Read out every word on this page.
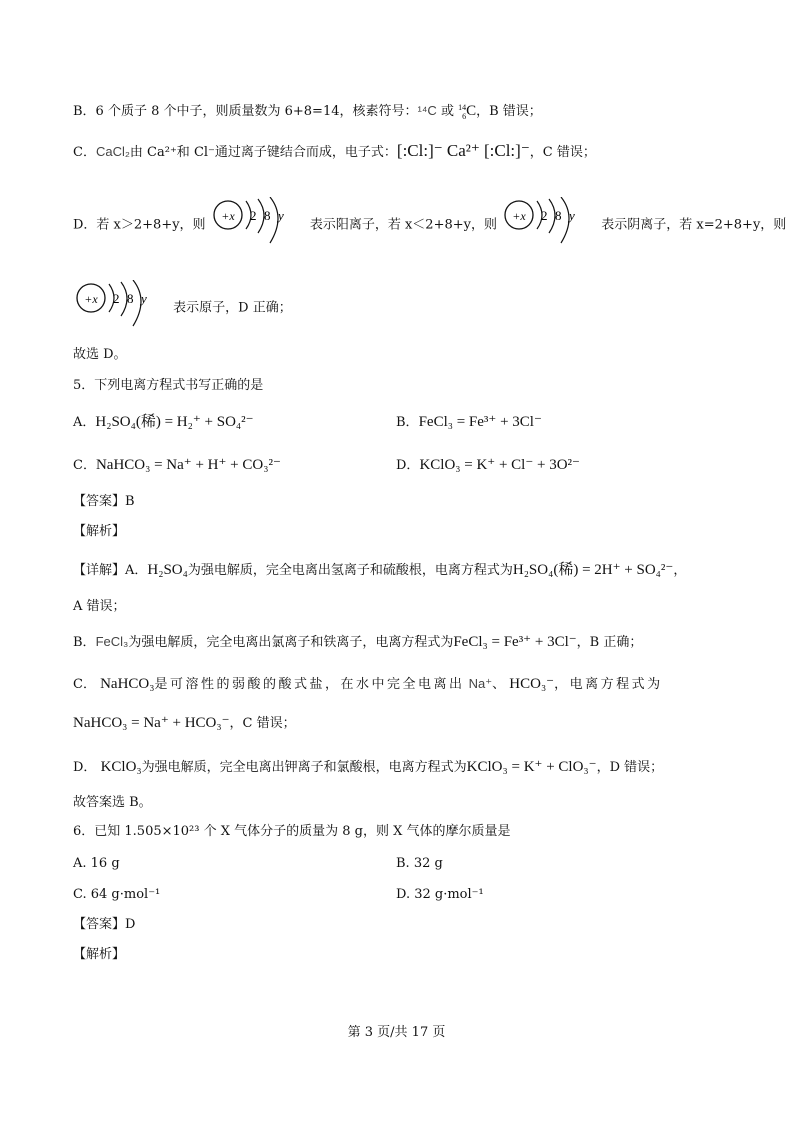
B．6 个质子 8 个中子，则质量数为 6+8=14，核素符号：¹⁴C 或 14
6C，B 错误；
C．CaCl₂由 Ca²⁺和 Cl⁻通过离子键结合而成，电子式：[:Cl:]⁻ Ca²⁺ [:Cl:]⁻，C 错误；
D．若 x＞2+8+y，则
+x 2 8 y
表示阳离子，若 x＜2+8+y，则
+x 2 8 y
表示阴离子，若 x=2+8+y，则
+x 2 8 y
表示原子，D 正确；
故选 D。
5．下列电离方程式书写正确的是
A．H₂SO₄(稀) = H₂⁺ + SO₄²⁻	B．FeCl₃ = Fe³⁺ + 3Cl⁻
C．NaHCO₃ = Na⁺ + H⁺ + CO₃²⁻	D．KClO₃ = K⁺ + Cl⁻ + 3O²⁻
【答案】B
【解析】
【详解】A．H₂SO₄为强电解质，完全电离出氢离子和硫酸根，电离方程式为H₂SO₄(稀) = 2H⁺ + SO₄²⁻，
A 错误；
B．FeCl₃为强电解质，完全电离出氯离子和铁离子，电离方程式为FeCl₃ = Fe³⁺ + 3Cl⁻，B 正确；
C． NaHCO₃是可溶性的弱酸的酸式盐，在水中完全电离出 Na⁺、 HCO₃⁻，电离方程式为
NaHCO₃ = Na⁺ + HCO₃⁻，C 错误；
D． KClO₃为强电解质，完全电离出钾离子和氯酸根，电离方程式为KClO₃ = K⁺ + ClO₃⁻，D 错误；
故答案选 B。
6．已知 1.505×10²³ 个 X 气体分子的质量为 8 g，则 X 气体的摩尔质量是
A. 16 g	B. 32 g
C. 64 g·mol⁻¹	D. 32 g·mol⁻¹
【答案】D
【解析】
第 3 页/共 17 页
